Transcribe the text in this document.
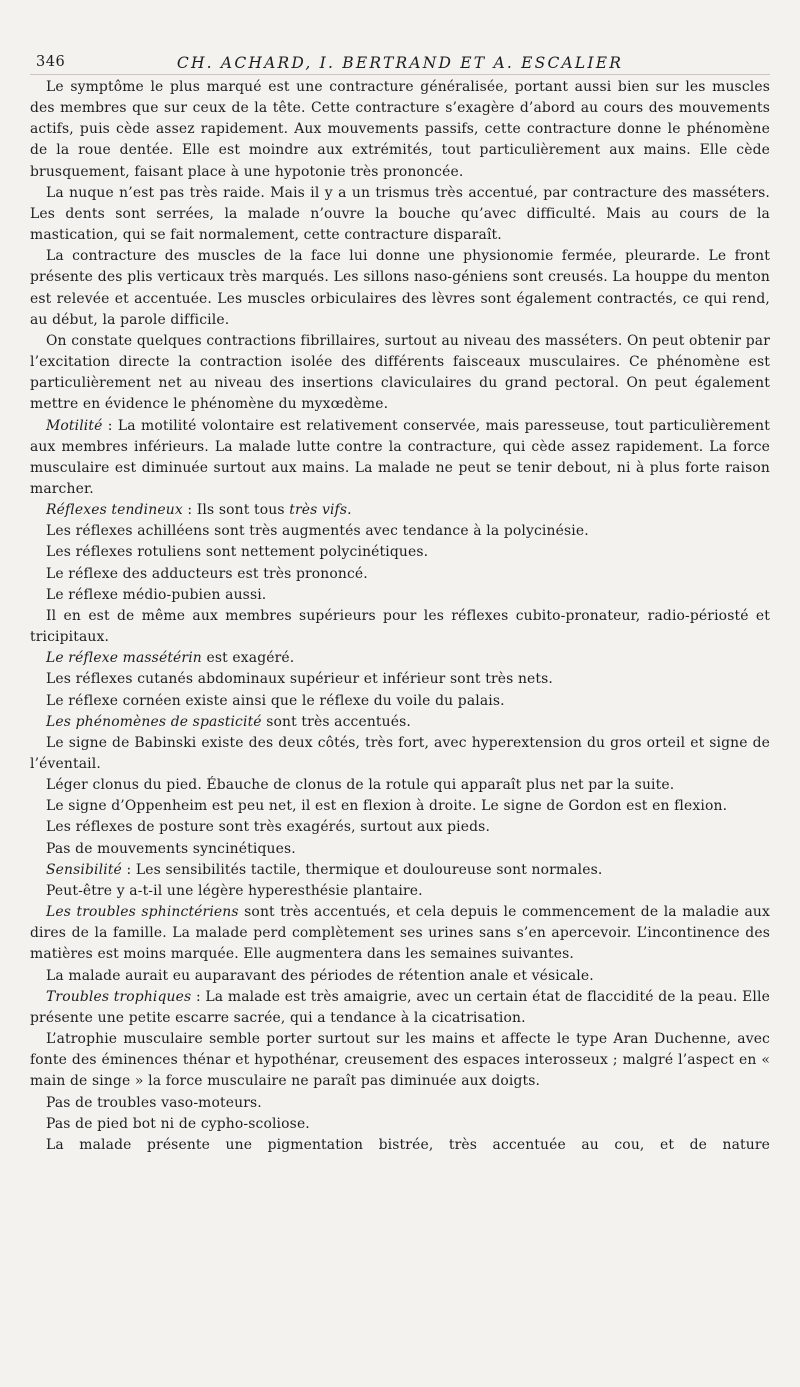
346	CH. ACHARD, I. BERTRAND ET A. ESCALIER

Le symptôme le plus marqué est une contracture généralisée, portant aussi bien sur les muscles des membres que sur ceux de la tête. Cette contracture s’exagère d’abord au cours des mouvements actifs, puis cède assez rapidement. Aux mouvements passifs, cette contracture donne le phénomène de la roue dentée. Elle est moindre aux extrémités, tout particulièrement aux mains. Elle cède brusquement, faisant place à une hypotonie très prononcée.

La nuque n’est pas très raide. Mais il y a un trismus très accentué, par contracture des masséters. Les dents sont serrées, la malade n’ouvre la bouche qu’avec difficulté. Mais au cours de la mastication, qui se fait normalement, cette contracture disparaît.

La contracture des muscles de la face lui donne une physionomie fermée, pleurarde. Le front présente des plis verticaux très marqués. Les sillons naso-géniens sont creusés. La houppe du menton est relevée et accentuée. Les muscles orbiculaires des lèvres sont également contractés, ce qui rend, au début, la parole difficile.

On constate quelques contractions fibrillaires, surtout au niveau des masséters. On peut obtenir par l’excitation directe la contraction isolée des différents faisceaux musculaires. Ce phénomène est particulièrement net au niveau des insertions claviculaires du grand pectoral. On peut également mettre en évidence le phénomène du myxœdème.

Motilité : La motilité volontaire est relativement conservée, mais paresseuse, tout particulièrement aux membres inférieurs. La malade lutte contre la contracture, qui cède assez rapidement. La force musculaire est diminuée surtout aux mains. La malade ne peut se tenir debout, ni à plus forte raison marcher.

Réflexes tendineux : Ils sont tous très vifs.

Les réflexes achilléens sont très augmentés avec tendance à la polycinésie.

Les réflexes rotuliens sont nettement polycinétiques.

Le réflexe des adducteurs est très prononcé.

Le réflexe médio-pubien aussi.

Il en est de même aux membres supérieurs pour les réflexes cubito-pronateur, radio-périosté et tricipitaux.

Le réflexe massétérin est exagéré.

Les réflexes cutanés abdominaux supérieur et inférieur sont très nets.

Le réflexe cornéen existe ainsi que le réflexe du voile du palais.

Les phénomènes de spasticité sont très accentués.

Le signe de Babinski existe des deux côtés, très fort, avec hyperextension du gros orteil et signe de l’éventail.

Léger clonus du pied. Ébauche de clonus de la rotule qui apparaît plus net par la suite.

Le signe d’Oppenheim est peu net, il est en flexion à droite. Le signe de Gordon est en flexion.

Les réflexes de posture sont très exagérés, surtout aux pieds.

Pas de mouvements syncinétiques.

Sensibilité : Les sensibilités tactile, thermique et douloureuse sont normales.

Peut-être y a-t-il une légère hyperesthésie plantaire.

Les troubles sphinctériens sont très accentués, et cela depuis le commencement de la maladie aux dires de la famille. La malade perd complètement ses urines sans s’en apercevoir. L’incontinence des matières est moins marquée. Elle augmentera dans les semaines suivantes.

La malade aurait eu auparavant des périodes de rétention anale et vésicale.

Troubles trophiques : La malade est très amaigrie, avec un certain état de flaccidité de la peau. Elle présente une petite escarre sacrée, qui a tendance à la cicatrisation.

L’atrophie musculaire semble porter surtout sur les mains et affecte le type Aran Duchenne, avec fonte des éminences thénar et hypothénar, creusement des espaces interosseux ; malgré l’aspect en « main de singe » la force musculaire ne paraît pas diminuée aux doigts.

Pas de troubles vaso-moteurs.

Pas de pied bot ni de cypho-scoliose.

La malade présente une pigmentation bistrée, très accentuée au cou, et de nature
